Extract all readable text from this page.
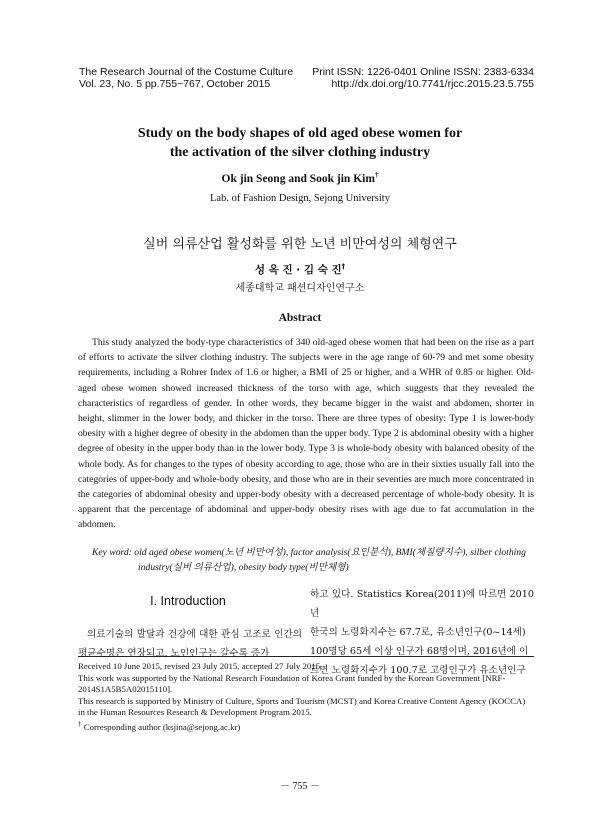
The Research Journal of the Costume Culture
Vol. 23, No. 5 pp.755~767, October 2015
Print ISSN: 1226-0401 Online ISSN: 2383-6334
http://dx.doi.org/10.7741/rjcc.2015.23.5.755
Study on the body shapes of old aged obese women for
the activation of the silver clothing industry
Ok jin Seong and Sook jin Kim†
Lab. of Fashion Design, Sejong University
실버 의류산업 활성화를 위한 노년 비만여성의 체형연구
성 옥 진 · 김 숙 진†
세종대학교 패션디자인연구소
Abstract

This study analyzed the body-type characteristics of 340 old-aged obese women that had been on the rise as a part of efforts to activate the silver clothing industry. The subjects were in the age range of 60-79 and met some obesity requirements, including a Rohrer Index of 1.6 or higher, a BMI of 25 or higher, and a WHR of 0.85 or higher. Old-aged obese women showed increased thickness of the torso with age, which suggests that they revealed the characteristics of regardless of gender. In other words, they became bigger in the waist and abdomen, shorter in height, slimmer in the lower body, and thicker in the torso. There are three types of obesity: Type 1 is lower-body obesity with a higher degree of obesity in the abdomen than the upper body. Type 2 is abdominal obesity with a higher degree of obesity in the upper body than in the lower body. Type 3 is whole-body obesity with balanced obesity of the whole body. As for changes to the types of obesity according to age, those who are in their sixties usually fall into the categories of upper-body and whole-body obesity, and those who are in their seventies are much more concentrated in the categories of abdominal obesity and upper-body obesity with a decreased percentage of whole-body obesity. It is apparent that the percentage of abdominal and upper-body obesity rises with age due to fat accumulation in the abdomen.

Key word: old aged obese women(노년 비만여성), factor analysis(요인분석), BMI(체질량지수), silber clothing
industry(실버 의류산업), obesity body type(비만체형)
I. Introduction

의료기술의 발달과 건강에 대한 관심 고조로 인간의 평균수명은 연장되고, 노인인구는 갈수록 증가

하고 있다. Statistics Korea(2011)에 따르면 2010년
한국의 노령화지수는 67.7로, 유소년인구(0~14세)
100명당 65세 이상 인구가 68명이며, 2016년에 이
르면 노령화지수가 100.7로 고령인구가 유소년인구

Received 10 June 2015, revised 23 July 2015, accepted 27 July 2015.

This work was supported by the National Research Foundation of Korea Grant funded by the Korean Government [NRF-2014S1A5B5A02015110].

This research is supported by Ministry of Culture, Sports and Tourism (MCST) and Korea Creative Content Agency (KOCCA) in the Human Resources Research & Development Program 2015.

† Corresponding author (ksjina@sejong.ac.kr)

－ 755 －
